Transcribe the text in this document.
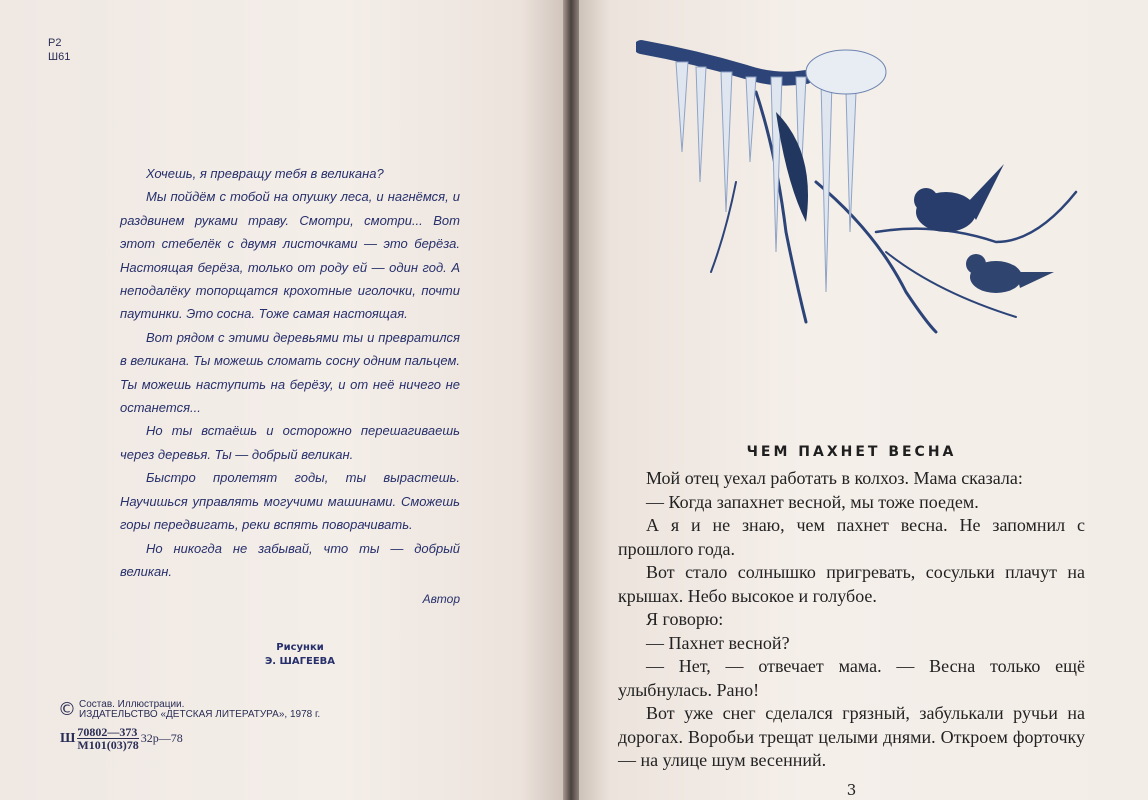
Р2
Ш61

Хочешь, я превращу тебя в великана?

Мы пойдём с тобой на опушку леса, и нагнёмся, и раздвинем руками траву. Смотри, смотри... Вот этот стебелёк с двумя листочками — это берёза. Настоящая берёза, только от роду ей — один год. А неподалёку топорщатся крохотные иголочки, почти паутинки. Это сосна. Тоже самая настоящая.

Вот рядом с этими деревьями ты и превратился в великана. Ты можешь сломать сосну одним пальцем. Ты можешь наступить на берёзу, и от неё ничего не останется...

Но ты встаёшь и осторожно перешагиваешь через деревья. Ты — добрый великан.

Быстро пролетят годы, ты вырастешь. Научишься управлять могучими машинами. Сможешь горы передвигать, реки вспять поворачивать.

Но никогда не забывай, что ты — добрый великан.

Автор
Рисунки
Э. ШАГЕЕВА
© Состав. Иллюстрации.
ИЗДАТЕЛЬСТВО «ДЕТСКАЯ ЛИТЕРАТУРА», 1978 г.
Ш $\frac{70802—373}{М101(03)78}$ 32р—78
ЧЕМ ПАХНЕТ ВЕСНА

Мой отец уехал работать в колхоз. Мама сказала:

— Когда запахнет весной, мы тоже поедем.

А я и не знаю, чем пахнет весна. Не запомнил с прошлого года.

Вот стало солнышко пригревать, сосульки плачут на крышах. Небо высокое и голубое.

Я говорю:

— Пахнет весной?

— Нет, — отвечает мама. — Весна только ещё улыбнулась. Рано!

Вот уже снег сделался грязный, забулькали ручьи на дорогах. Воробьи трещат целыми днями. Откроем форточку — на улице шум весенний.

3
